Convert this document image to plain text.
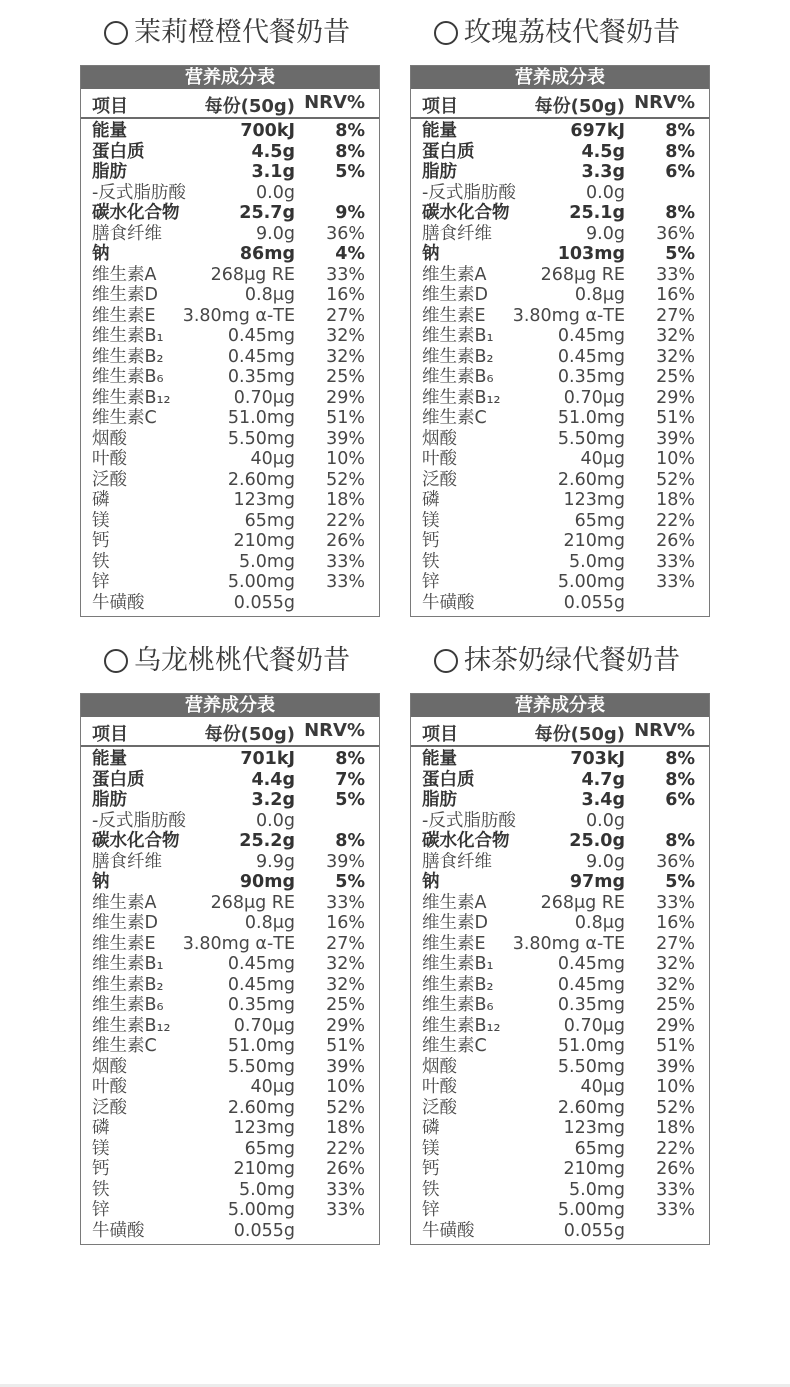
茉莉橙橙代餐奶昔
营养成分表
项目	每份(50g) NRV%
能量	700kJ 8%
蛋白质	4.5g 8%
脂肪	3.1g 5%
-反式脂肪酸	0.0g
碳水化合物	25.7g 9%
膳食纤维	9.0g 36%
钠	86mg 4%
维生素A	268μg RE 33%
维生素D	0.8μg 16%
维生素E 3.80mg α-TE 27%
维生素B₁	0.45mg 32%
维生素B₂	0.45mg 32%
维生素B₆	0.35mg 25%
维生素B₁₂	0.70μg 29%
维生素C	51.0mg 51%
烟酸	5.50mg 39%
叶酸	40μg 10%
泛酸	2.60mg 52%
磷	123mg 18%
镁	65mg 22%
钙	210mg 26%
铁	5.0mg 33%
锌	5.00mg 33%
牛磺酸	0.055g
玫瑰荔枝代餐奶昔
营养成分表
项目	每份(50g) NRV%
能量	697kJ 8%
蛋白质	4.5g 8%
脂肪	3.3g 6%
-反式脂肪酸	0.0g
碳水化合物	25.1g 8%
膳食纤维	9.0g 36%
钠	103mg 5%
维生素A	268μg RE 33%
维生素D	0.8μg 16%
维生素E 3.80mg α-TE 27%
维生素B₁	0.45mg 32%
维生素B₂	0.45mg 32%
维生素B₆	0.35mg 25%
维生素B₁₂	0.70μg 29%
维生素C	51.0mg 51%
烟酸	5.50mg 39%
叶酸	40μg 10%
泛酸	2.60mg 52%
磷	123mg 18%
镁	65mg 22%
钙	210mg 26%
铁	5.0mg 33%
锌	5.00mg 33%
牛磺酸	0.055g
乌龙桃桃代餐奶昔
营养成分表
项目	每份(50g) NRV%
能量	701kJ 8%
蛋白质	4.4g 7%
脂肪	3.2g 5%
-反式脂肪酸	0.0g
碳水化合物	25.2g 8%
膳食纤维	9.9g 39%
钠	90mg 5%
维生素A	268μg RE 33%
维生素D	0.8μg 16%
维生素E 3.80mg α-TE 27%
维生素B₁	0.45mg 32%
维生素B₂	0.45mg 32%
维生素B₆	0.35mg 25%
维生素B₁₂	0.70μg 29%
维生素C	51.0mg 51%
烟酸	5.50mg 39%
叶酸	40μg 10%
泛酸	2.60mg 52%
磷	123mg 18%
镁	65mg 22%
钙	210mg 26%
铁	5.0mg 33%
锌	5.00mg 33%
牛磺酸	0.055g
抹茶奶绿代餐奶昔
营养成分表
项目	每份(50g) NRV%
能量	703kJ 8%
蛋白质	4.7g 8%
脂肪	3.4g 6%
-反式脂肪酸	0.0g
碳水化合物	25.0g 8%
膳食纤维	9.0g 36%
钠	97mg 5%
维生素A	268μg RE 33%
维生素D	0.8μg 16%
维生素E 3.80mg α-TE 27%
维生素B₁	0.45mg 32%
维生素B₂	0.45mg 32%
维生素B₆	0.35mg 25%
维生素B₁₂	0.70μg 29%
维生素C	51.0mg 51%
烟酸	5.50mg 39%
叶酸	40μg 10%
泛酸	2.60mg 52%
磷	123mg 18%
镁	65mg 22%
钙	210mg 26%
铁	5.0mg 33%
锌	5.00mg 33%
牛磺酸	0.055g
